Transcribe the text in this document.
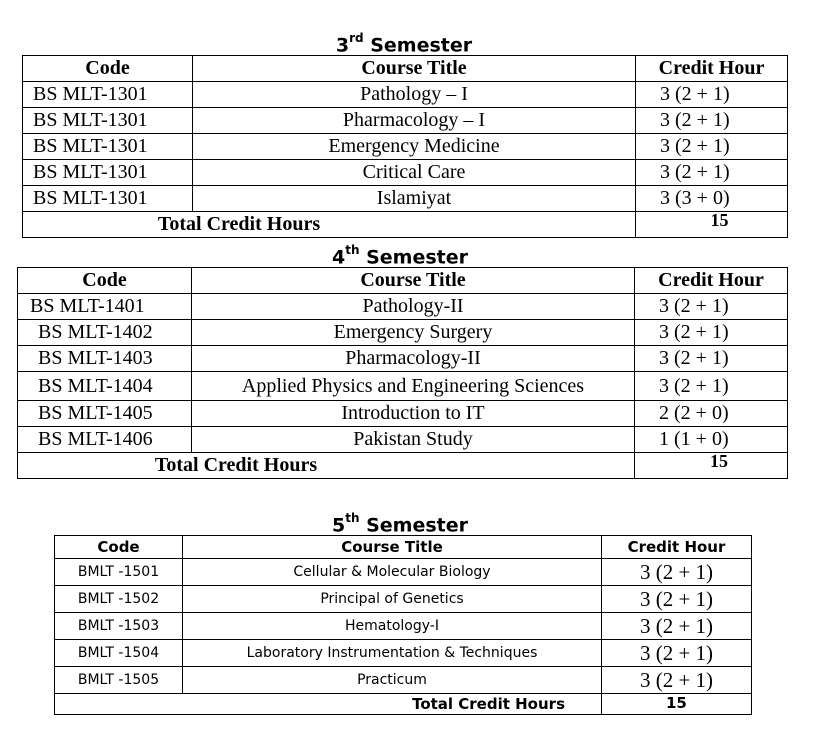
3rd Semester
Code	Course Title	Credit Hour
BS MLT-1301	Pathology – I	3 (2 + 1)
BS MLT-1301	Pharmacology – I	3 (2 + 1)
BS MLT-1301	Emergency Medicine	3 (2 + 1)
BS MLT-1301	Critical Care	3 (2 + 1)
BS MLT-1301	Islamiyat	3 (3 + 0)
Total Credit Hours		15
4th Semester
Code	Course Title	Credit Hour
BS MLT-1401	Pathology-II	3 (2 + 1)
BS MLT-1402	Emergency Surgery	3 (2 + 1)
BS MLT-1403	Pharmacology-II	3 (2 + 1)
BS MLT-1404	Applied Physics and Engineering Sciences	3 (2 + 1)
BS MLT-1405	Introduction to IT	2 (2 + 0)
BS MLT-1406	Pakistan Study	1 (1 + 0)
Total Credit Hours		15
5th Semester
Code	Course Title	Credit Hour
BMLT -1501	Cellular & Molecular Biology	3 (2 + 1)
BMLT -1502	Principal of Genetics	3 (2 + 1)
BMLT -1503	Hematology-I	3 (2 + 1)
BMLT -1504	Laboratory Instrumentation & Techniques	3 (2 + 1)
BMLT -1505	Practicum	3 (2 + 1)
Total Credit Hours		15
